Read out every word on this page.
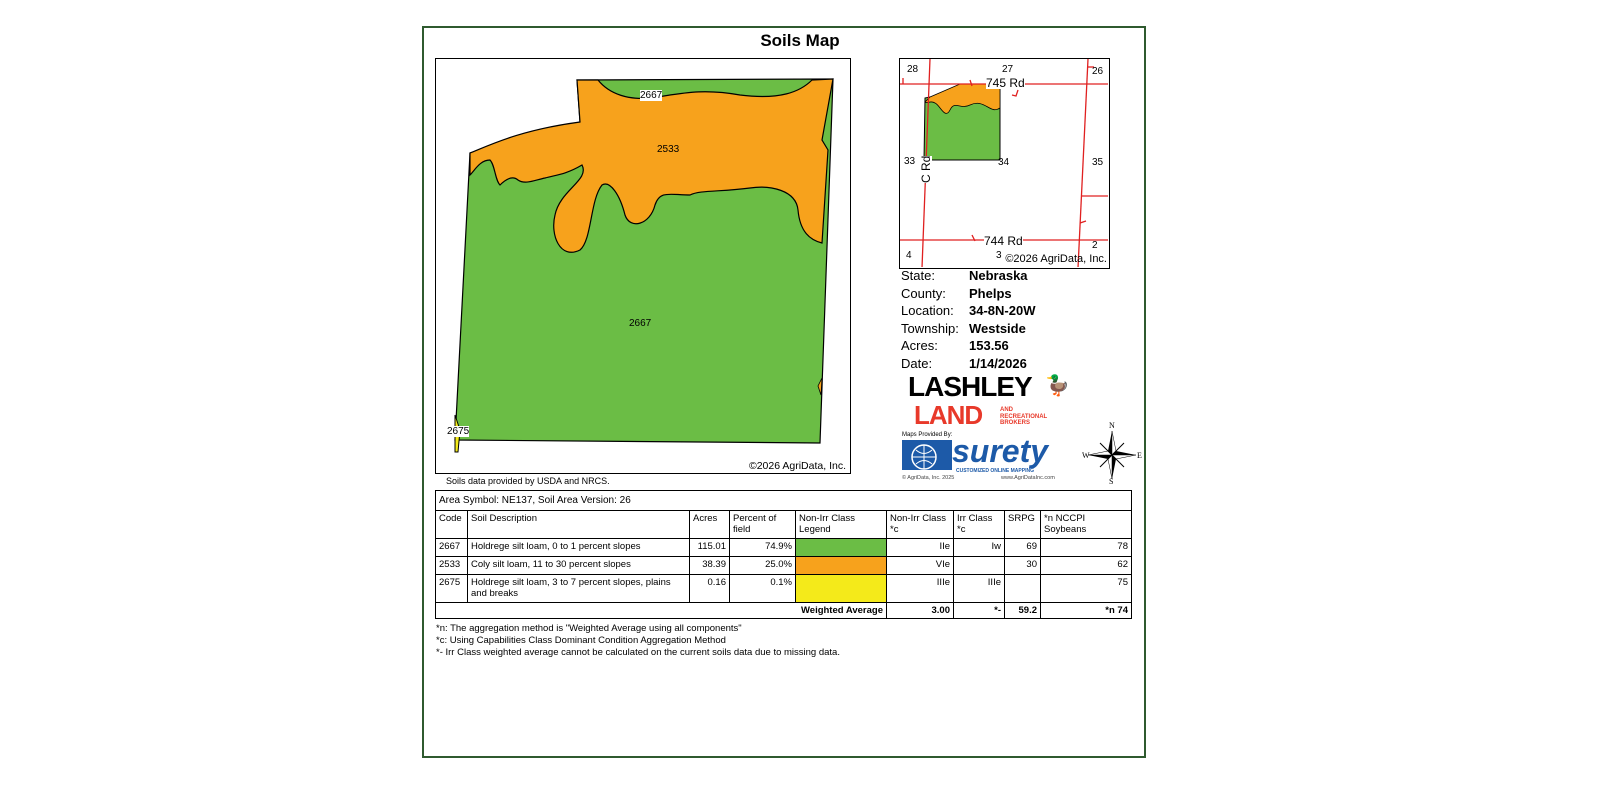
Soils Map
2667
2533
2667
2675
©2026 AgriData, Inc.
Soils data provided by USDA and NRCS.
28	27	26
745 Rd
33	34	35
C Rd
744 Rd
4	3
2
©2026 AgriData, Inc.
State:	Nebraska
County:	Phelps
Location:	34-8N-20W
Township: Westside
Acres:	153.56
Date:	1/14/2026
LASHLEY
LAND	AND
RECREATIONAL
BROKERS
🦆
Maps Provided By: surety
CUSTOMIZED ONLINE MAPPING
© AgriData, Inc. 2025	www.AgriDataInc.com
N
S
E
W
Area Symbol: NE137, Soil Area Version: 26								
Code	Soil Description	Acres	Percent of field	Non-Irr Class Legend	Non-Irr Class *c	Irr Class *c	SRPG	*n NCCPI Soybeans
2667	Holdrege silt loam, 0 to 1 percent slopes	115.01	74.9%		IIe	Iw	69	78
2533	Coly silt loam, 11 to 30 percent slopes	38.39	25.0%		VIe		30	62
2675	Holdrege silt loam, 3 to 7 percent slopes, plains and breaks	0.16	0.1%		IIIe	IIIe		75
				Weighted Average	3.00	*-	59.2	*n 74
*n: The aggregation method is "Weighted Average using all components"
*c: Using Capabilities Class Dominant Condition Aggregation Method
*- Irr Class weighted average cannot be calculated on the current soils data due to missing data.
